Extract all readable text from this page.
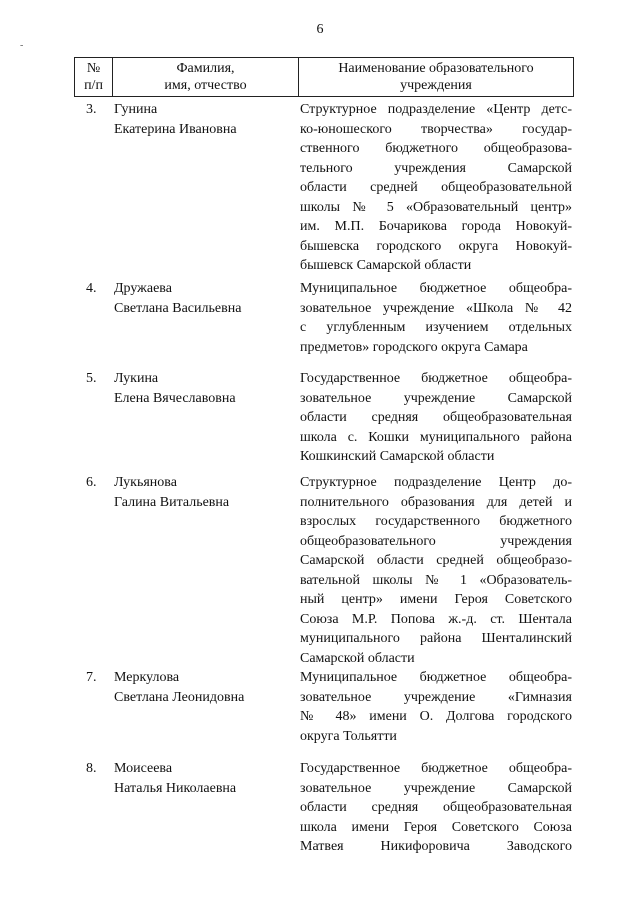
-
6
№
п/п
Фамилия,
имя, отчество
Наименование образовательного
учреждения
3. Гунина
Екатерина Ивановна
Структурное подразделение «Центр детс-
ко-юношеского творчества» государ-
ственного бюджетного общеобразова-
тельного учреждения Самарской
области средней общеобразовательной
школы № 5 «Образовательный центр»
им. М.П. Бочарикова города Новокуй-
бышевска городского округа Новокуй-
бышевск Самарской области
4. Дружаева
Светлана Васильевна
Муниципальное бюджетное общеобра-
зовательное учреждение «Школа № 42
с углубленным изучением отдельных
предметов» городского округа Самара
5. Лукина
Елена Вячеславовна
Государственное бюджетное общеобра-
зовательное учреждение Самарской
области средняя общеобразовательная
школа с. Кошки муниципального района
Кошкинский Самарской области
6. Лукьянова
Галина Витальевна
Структурное подразделение Центр до-
полнительного образования для детей и
взрослых государственного бюджетного
общеобразовательного учреждения
Самарской области средней общеобразо-
вательной школы № 1 «Образователь-
ный центр» имени Героя Советского
Союза М.Р. Попова ж.-д. ст. Шентала
муниципального района Шенталинский
Самарской области
7. Меркулова
Светлана Леонидовна
Муниципальное бюджетное общеобра-
зовательное учреждение «Гимназия
№ 48» имени О. Долгова городского
округа Тольятти
8. Моисеева
Наталья Николаевна
Государственное бюджетное общеобра-
зовательное учреждение Самарской
области средняя общеобразовательная
школа имени Героя Советского Союза
Матвея Никифоровича Заводского
